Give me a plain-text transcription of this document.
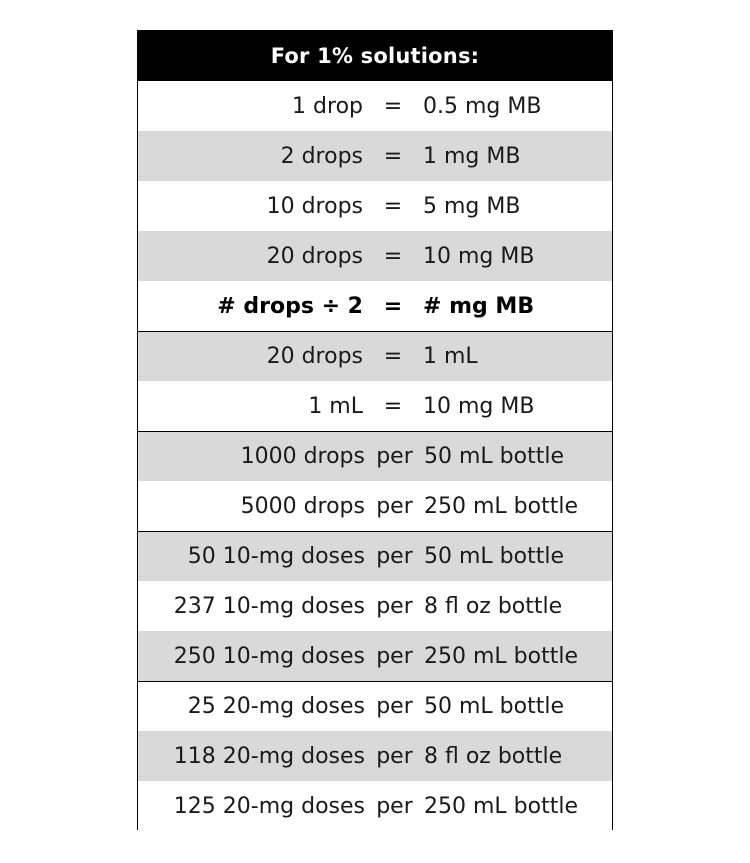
For 1% solutions:
1 drop = 0.5 mg MB
2 drops = 1 mg MB
10 drops = 5 mg MB
20 drops = 10 mg MB
# drops ÷ 2 = # mg MB
20 drops = 1 mL
1 mL = 10 mg MB
1000 drops per 50 mL bottle
5000 drops per 250 mL bottle
50 10-mg doses per 50 mL bottle
237 10-mg doses per 8 fl oz bottle
250 10-mg doses per 250 mL bottle
25 20-mg doses per 50 mL bottle
118 20-mg doses per 8 fl oz bottle
125 20-mg doses per 250 mL bottle
